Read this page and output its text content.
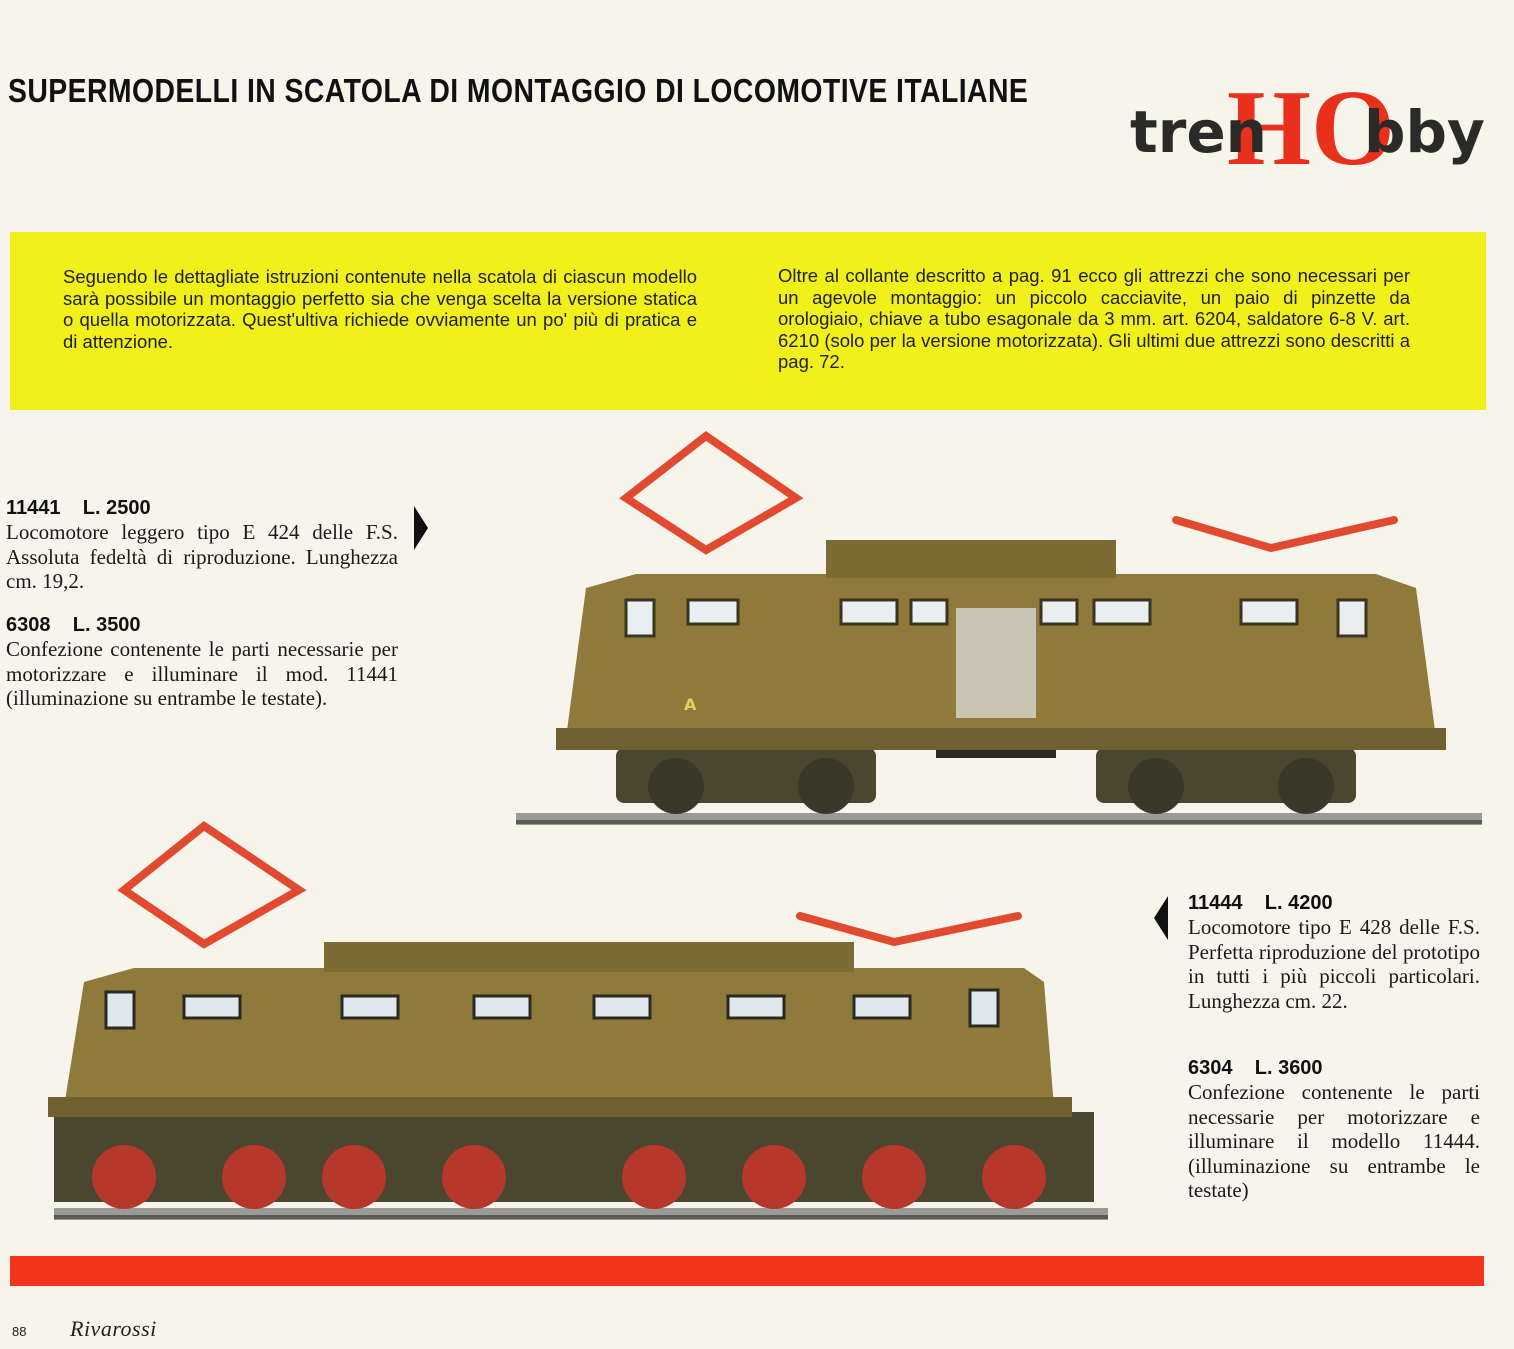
SUPERMODELLI IN SCATOLA DI MONTAGGIO DI LOCOMOTIVE ITALIANE HO
tren bby
Seguendo le dettagliate istruzioni contenute nella scatola di ciascun modello sarà possibile un montaggio perfetto sia che venga scelta la versione statica o quella motorizzata. Quest'ultiva richiede ovviamente un po' più di pratica e di attenzione.
Oltre al collante descritto a pag. 91 ecco gli attrezzi che sono necessari per un agevole montaggio: un piccolo cacciavite, un paio di pinzette da orologiaio, chiave a tubo esagonale da 3 mm. art. 6204, saldatore 6-8 V. art. 6210 (solo per la versione motorizzata). Gli ultimi due attrezzi sono descritti a pag. 72.
11441 L. 2500
Locomotore leggero tipo E 424 delle F.S. Assoluta fedeltà di riproduzione. Lunghezza cm. 19,2.
6308 L. 3500
Confezione contenente le parti necessarie per motorizzare e illuminare il mod. 11441 (illuminazione su entrambe le testate).	A
11444 L. 4200
Locomotore tipo E 428 delle F.S. Perfetta riproduzione del prototipo in tutti i più piccoli particolari. Lunghezza cm. 22.
6304 L. 3600
Confezione contenente le parti necessarie per motorizzare e illuminare il modello 11444. (illuminazione su entrambe le testate)
88 Rivarossi
